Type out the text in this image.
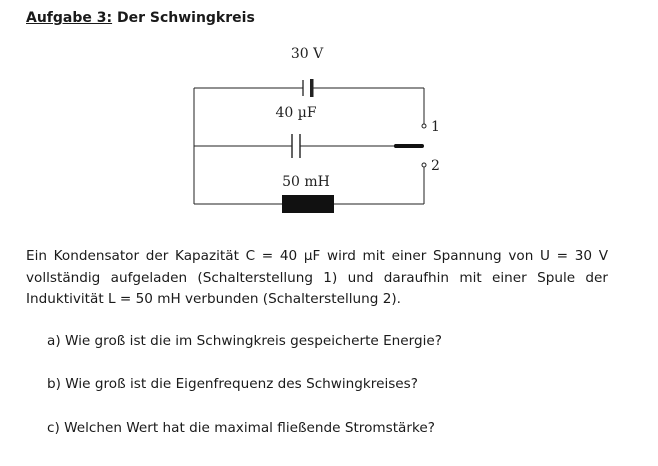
Aufgabe 3: Der Schwingkreis
30 V
40 µF
50 mH
1
2
Ein Kondensator der Kapazität C = 40 µF wird mit einer Spannung von U = 30 V vollständig aufgeladen (Schalterstellung 1) und daraufhin mit einer Spule der Induktivität L = 50 mH verbunden (Schalterstellung 2).
a) Wie groß ist die im Schwingkreis gespeicherte Energie?
b) Wie groß ist die Eigenfrequenz des Schwingkreises?
c) Welchen Wert hat die maximal fließende Stromstärke?
